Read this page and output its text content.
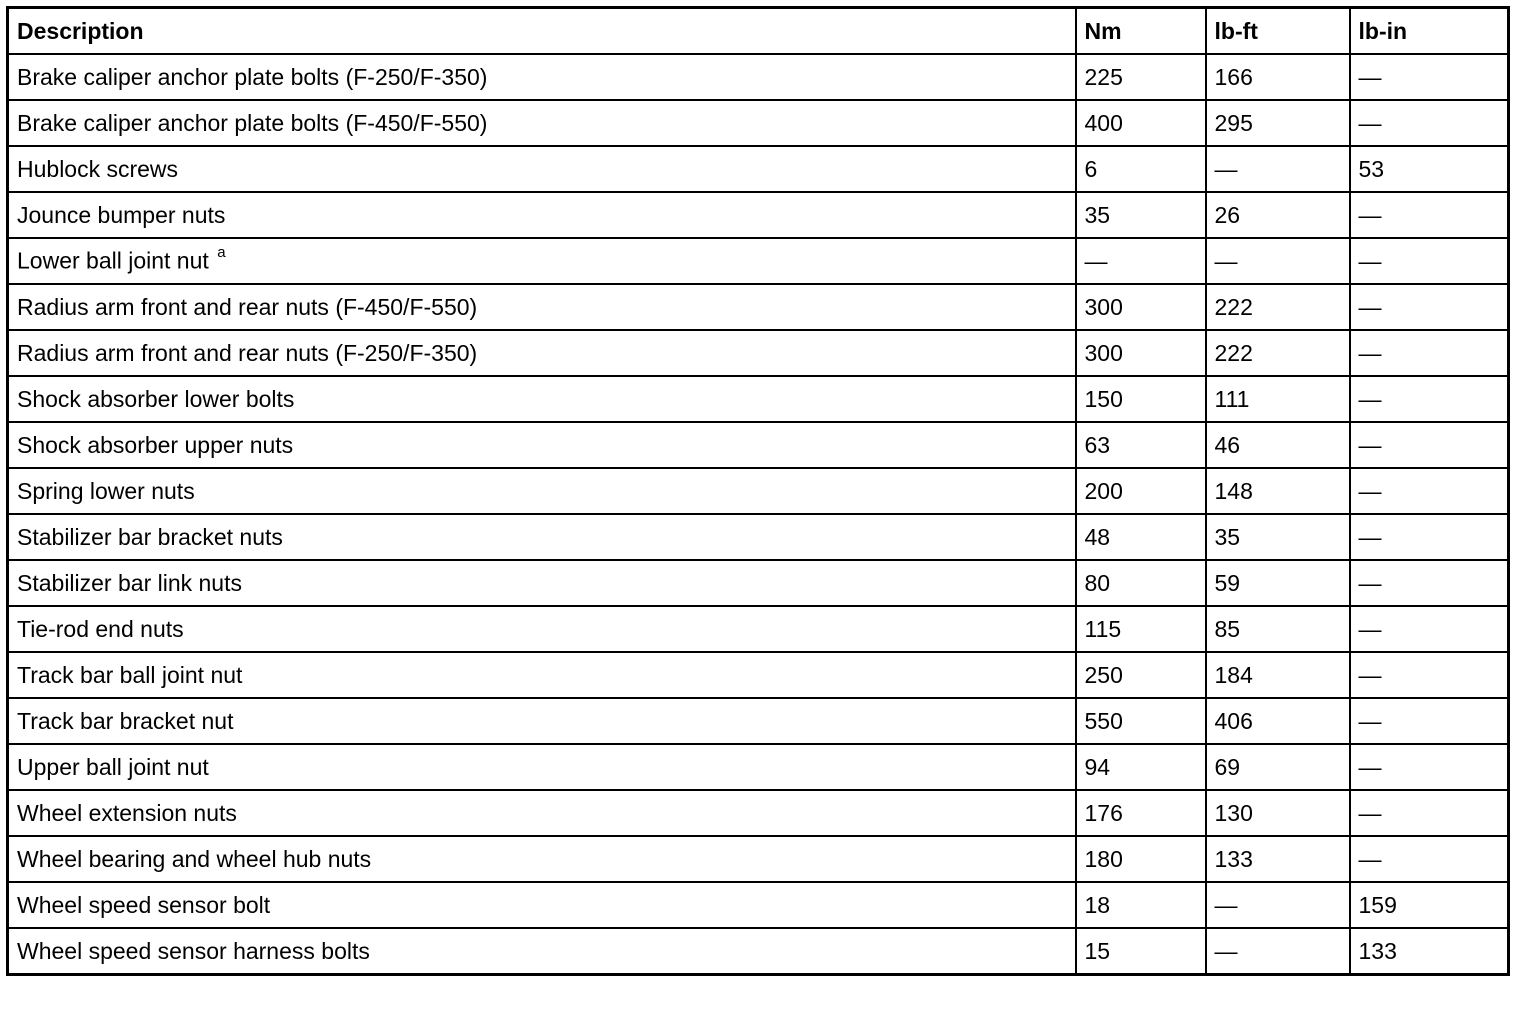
Description	Nm	lb-ft	lb-in
Brake caliper anchor plate bolts (F-250/F-350)	225	166	—
Brake caliper anchor plate bolts (F-450/F-550)	400	295	—
Hublock screws	6	—	53
Jounce bumper nuts	35	26	—
Lower ball joint nut $^a$	—	—	—
Radius arm front and rear nuts (F-450/F-550)	300	222	—
Radius arm front and rear nuts (F-250/F-350)	300	222	—
Shock absorber lower bolts	150	111	—
Shock absorber upper nuts	63	46	—
Spring lower nuts	200	148	—
Stabilizer bar bracket nuts	48	35	—
Stabilizer bar link nuts	80	59	—
Tie-rod end nuts	115	85	—
Track bar ball joint nut	250	184	—
Track bar bracket nut	550	406	—
Upper ball joint nut	94	69	—
Wheel extension nuts	176	130	—
Wheel bearing and wheel hub nuts	180	133	—
Wheel speed sensor bolt	18	—	159
Wheel speed sensor harness bolts	15	—	133
